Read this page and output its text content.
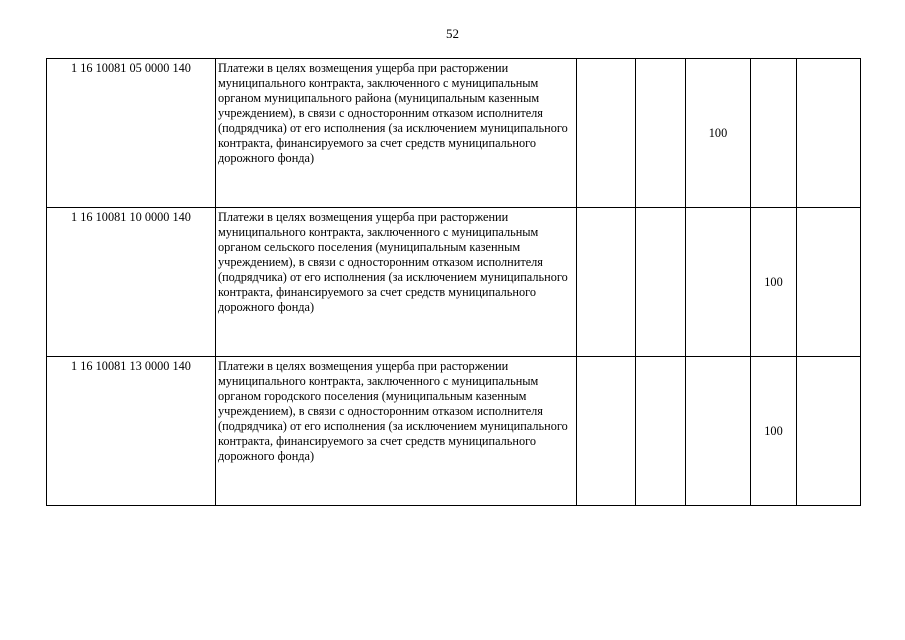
52
1 16 10081 05 0000 140	Платежи в целях возмещения ущерба при расторжении муниципального контракта, заключенного с муниципальным органом муниципального района (муниципальным казенным учреждением), в связи с односторонним отказом исполнителя (подрядчика) от его исполнения (за исключением муниципального контракта, финансируемого за счет средств муниципального дорожного фонда)			100		
1 16 10081 10 0000 140	Платежи в целях возмещения ущерба при расторжении муниципального контракта, заключенного с муниципальным органом сельского поселения (муниципальным казенным учреждением), в связи с односторонним отказом исполнителя (подрядчика) от его исполнения (за исключением муниципального контракта, финансируемого за счет средств муниципального дорожного фонда)				100	
1 16 10081 13 0000 140	Платежи в целях возмещения ущерба при расторжении муниципального контракта, заключенного с муниципальным органом городского поселения (муниципальным казенным учреждением), в связи с односторонним отказом исполнителя (подрядчика) от его исполнения (за исключением муниципального контракта, финансируемого за счет средств муниципального дорожного фонда)				100	
